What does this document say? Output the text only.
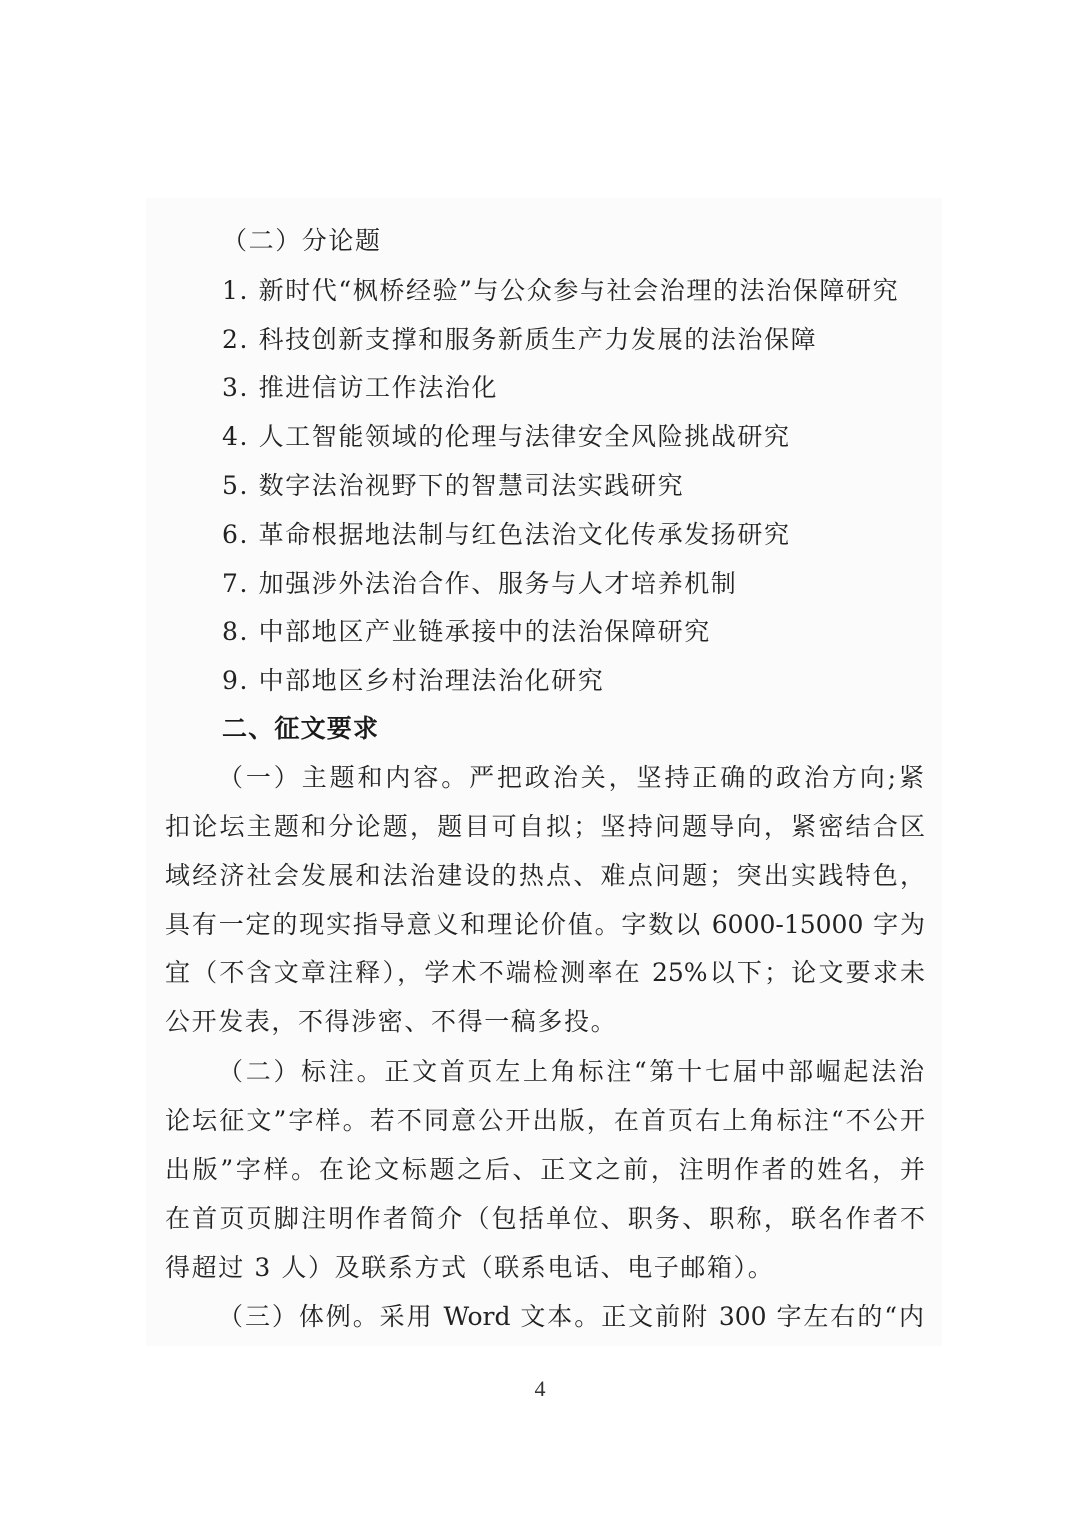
（二）分论题
1. 新时代“枫桥经验”与公众参与社会治理的法治保障研究
2. 科技创新支撑和服务新质生产力发展的法治保障
3. 推进信访工作法治化
4. 人工智能领域的伦理与法律安全风险挑战研究
5. 数字法治视野下的智慧司法实践研究
6. 革命根据地法制与红色法治文化传承发扬研究
7. 加强涉外法治合作、服务与人才培养机制
8. 中部地区产业链承接中的法治保障研究
9. 中部地区乡村治理法治化研究
二、征文要求
（一）主题和内容。严把政治关，坚持正确的政治方向;紧
扣论坛主题和分论题，题目可自拟；坚持问题导向，紧密结合区
域经济社会发展和法治建设的热点、难点问题；突出实践特色，
具有一定的现实指导意义和理论价值。字数以 6000-15000 字为
宜（不含文章注释），学术不端检测率在 25%以下；论文要求未
公开发表，不得涉密、不得一稿多投。
（二）标注。正文首页左上角标注“第十七届中部崛起法治
论坛征文”字样。若不同意公开出版，在首页右上角标注“不公开
出版”字样。在论文标题之后、正文之前，注明作者的姓名，并
在首页页脚注明作者简介（包括单位、职务、职称，联名作者不
得超过 3 人）及联系方式（联系电话、电子邮箱）。
（三）体例。采用 Word 文本。正文前附 300 字左右的“内
4
